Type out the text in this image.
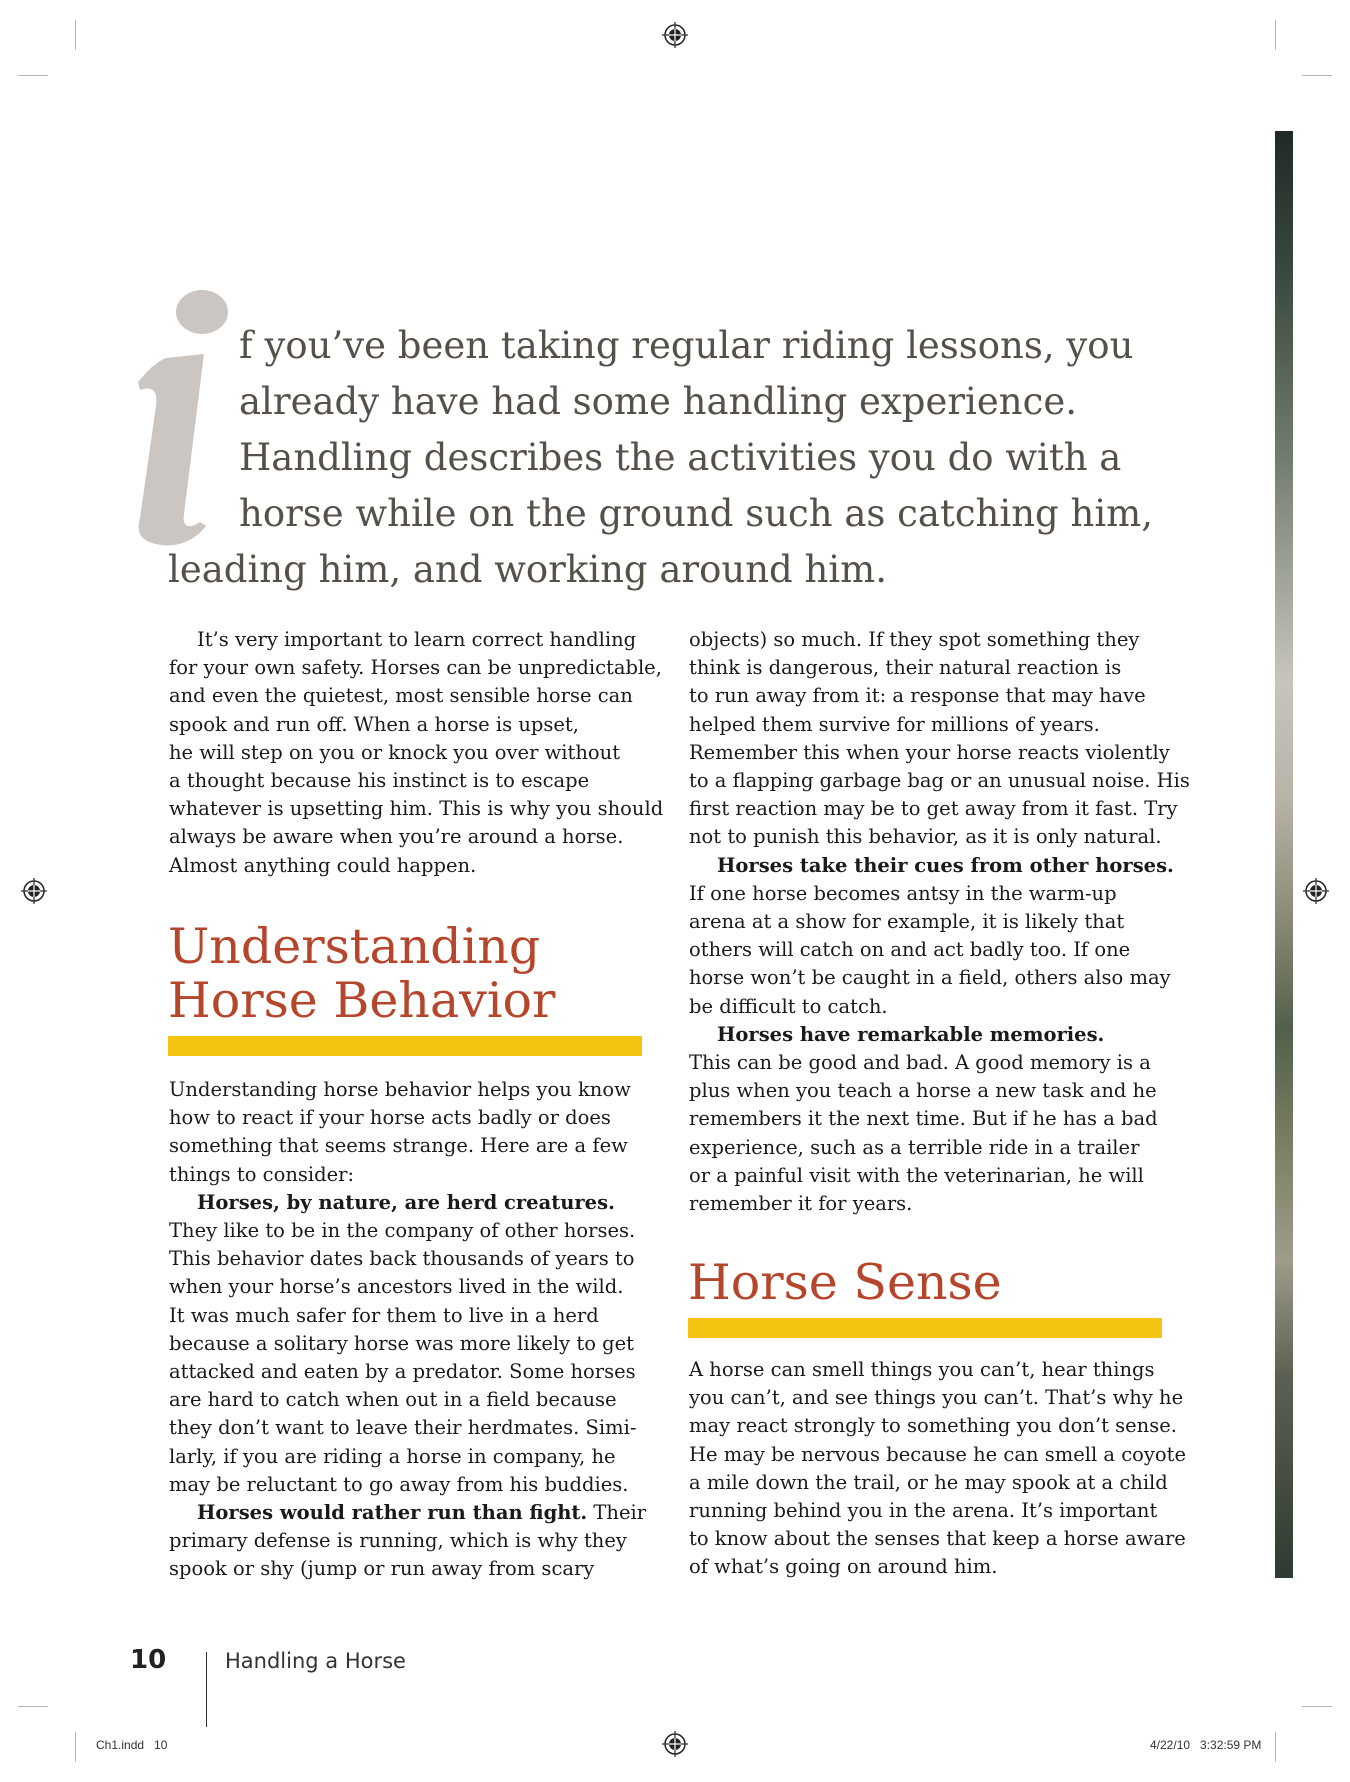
f you’ve been taking regular riding lessons, you
already have had some handling experience.
Handling describes the activities you do with a
horse while on the ground such as catching him,
leading him, and working around him.
It’s very important to learn correct handling
for your own safety. Horses can be unpredictable,
and even the quietest, most sensible horse can
spook and run off. When a horse is upset,
he will step on you or knock you over without
a thought because his instinct is to escape
whatever is upsetting him. This is why you should
always be aware when you’re around a horse.
Almost anything could happen.
Understanding
Horse Behavior
Understanding horse behavior helps you know
how to react if your horse acts badly or does
something that seems strange. Here are a few
things to consider:
Horses, by nature, are herd creatures.
They like to be in the company of other horses.
This behavior dates back thousands of years to
when your horse’s ancestors lived in the wild.
It was much safer for them to live in a herd
because a solitary horse was more likely to get
attacked and eaten by a predator. Some horses
are hard to catch when out in a field because
they don’t want to leave their herdmates. Simi-
larly, if you are riding a horse in company, he
may be reluctant to go away from his buddies.
Horses would rather run than fight. Their
primary defense is running, which is why they
spook or shy (jump or run away from scary
objects) so much. If they spot something they
think is dangerous, their natural reaction is
to run away from it: a response that may have
helped them survive for millions of years.
Remember this when your horse reacts violently
to a flapping garbage bag or an unusual noise. His
first reaction may be to get away from it fast. Try
not to punish this behavior, as it is only natural.
Horses take their cues from other horses.
If one horse becomes antsy in the warm-up
arena at a show for example, it is likely that
others will catch on and act badly too. If one
horse won’t be caught in a field, others also may
be difficult to catch.
Horses have remarkable memories.
This can be good and bad. A good memory is a
plus when you teach a horse a new task and he
remembers it the next time. But if he has a bad
experience, such as a terrible ride in a trailer
or a painful visit with the veterinarian, he will
remember it for years.
Horse Sense
A horse can smell things you can’t, hear things
you can’t, and see things you can’t. That’s why he
may react strongly to something you don’t sense.
He may be nervous because he can smell a coyote
a mile down the trail, or he may spook at a child
running behind you in the arena. It’s important
to know about the senses that keep a horse aware
of what’s going on around him.
10	Handling a Horse
Ch1.indd   10	4/22/10   3:32:59 PM
